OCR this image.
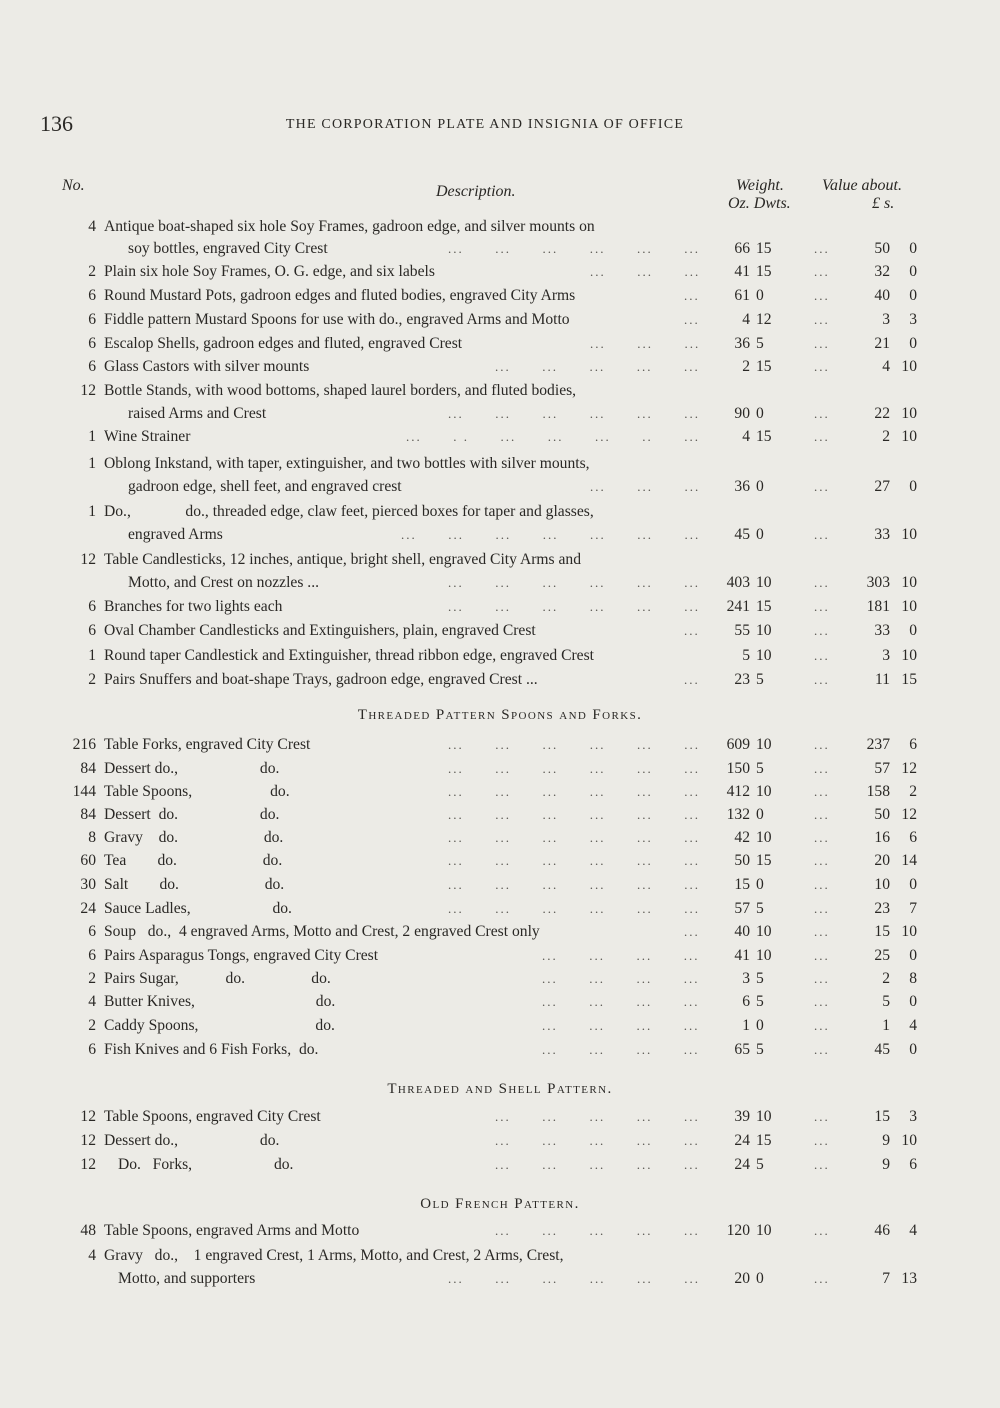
136	THE CORPORATION PLATE AND INSIGNIA OF OFFICE
No.	Description.	Weight. Value about.
Oz. Dwts.	£ s.
4 Antique boat-shaped six hole Soy Frames, gadroon edge, and silver mounts on
soy bottles, engraved City Crest	...      ...      ...      ...      ...      ...	66 15	...	50	0
2 Plain six hole Soy Frames, O. G. edge, and six labels	...      ...      ...	41 15	...	32	0
6 Round Mustard Pots, gadroon edges and fluted bodies, engraved City Arms	...	61 0	...	40	0
6 Fiddle pattern Mustard Spoons for use with do., engraved Arms and Motto	...	4 12	...	3	3
6 Escalop Shells, gadroon edges and fluted, engraved Crest	...      ...      ...	36 5	...	21	0
6 Glass Castors with silver mounts	...      ...      ...      ...      ...	2 15	...	4 10
12 Bottle Stands, with wood bottoms, shaped laurel borders, and fluted bodies,
raised Arms and Crest	...      ...      ...      ...      ...      ...	90 0	...	22 10
1 Wine Strainer	...      . .      ...      ...      ...      ..      ...	4 15	...	2 10
1 Oblong Inkstand, with taper, extinguisher, and two bottles with silver mounts,
gadroon edge, shell feet, and engraved crest	...      ...      ...	36 0	...	27	0
1 Do.,              do., threaded edge, claw feet, pierced boxes for taper and glasses,
engraved Arms	...      ...      ...      ...      ...      ...      ...	45 0	...	33 10
12 Table Candlesticks, 12 inches, antique, bright shell, engraved City Arms and
Motto, and Crest on nozzles ...	...      ...      ...      ...      ...      ...	403 10	...	303 10
6 Branches for two lights each	...      ...      ...      ...      ...      ...	241 15	...	181 10
6 Oval Chamber Candlesticks and Extinguishers, plain, engraved Crest	...	55 10	...	33	0
1 Round taper Candlestick and Extinguisher, thread ribbon edge, engraved Crest	5 10	...	3 10
2 Pairs Snuffers and boat-shape Trays, gadroon edge, engraved Crest ...	...	23 5	...	11 15
216 Table Forks, engraved City Crest	...      ...      ...      ...      ...      ...	609 10	...	237	6
84 Dessert do.,                     do.	...      ...      ...      ...      ...      ...	150 5	...	57 12
144 Table Spoons,                    do.	...      ...      ...      ...      ...      ...	412 10	...	158	2
84 Dessert  do.                     do.	...      ...      ...      ...      ...      ...	132 0	...	50 12
8 Gravy    do.                      do.	...      ...      ...      ...      ...      ...	42 10	...	16	6
60 Tea        do.                      do.	...      ...      ...      ...      ...      ...	50 15	...	20 14
30 Salt        do.                      do.	...      ...      ...      ...      ...      ...	15 0	...	10	0
24 Sauce Ladles,                     do.	...      ...      ...      ...      ...      ...	57 5	...	23	7
6 Soup   do.,  4 engraved Arms, Motto and Crest, 2 engraved Crest only	...	40 10	...	15 10
6 Pairs Asparagus Tongs, engraved City Crest	...      ...      ...      ...	41 10	...	25	0
2 Pairs Sugar,            do.                 do.	...      ...      ...      ...	3 5	...	2	8
4 Butter Knives,                               do.	...      ...      ...      ...	6 5	...	5	0
2 Caddy Spoons,                              do.	...      ...      ...      ...	1 0	...	1	4
6 Fish Knives and 6 Fish Forks,  do.	...      ...      ...      ...	65 5	...	45	0
12 Table Spoons, engraved City Crest	...      ...      ...      ...      ...	39 10	...	15	3
12 Dessert do.,                     do.	...      ...      ...      ...      ...	24 15	...	9 10
12 Do.   Forks,                     do.	...      ...      ...      ...      ...	24 5	...	9	6
48 Table Spoons, engraved Arms and Motto	...      ...      ...      ...      ...	120 10	...	46	4
4 Gravy   do.,    1 engraved Crest, 1 Arms, Motto, and Crest, 2 Arms, Crest,
Motto, and supporters	...      ...      ...      ...      ...      ...	20 0	...	7 13
Threaded Pattern Spoons and Forks.
Threaded and Shell Pattern.
Old French Pattern.
